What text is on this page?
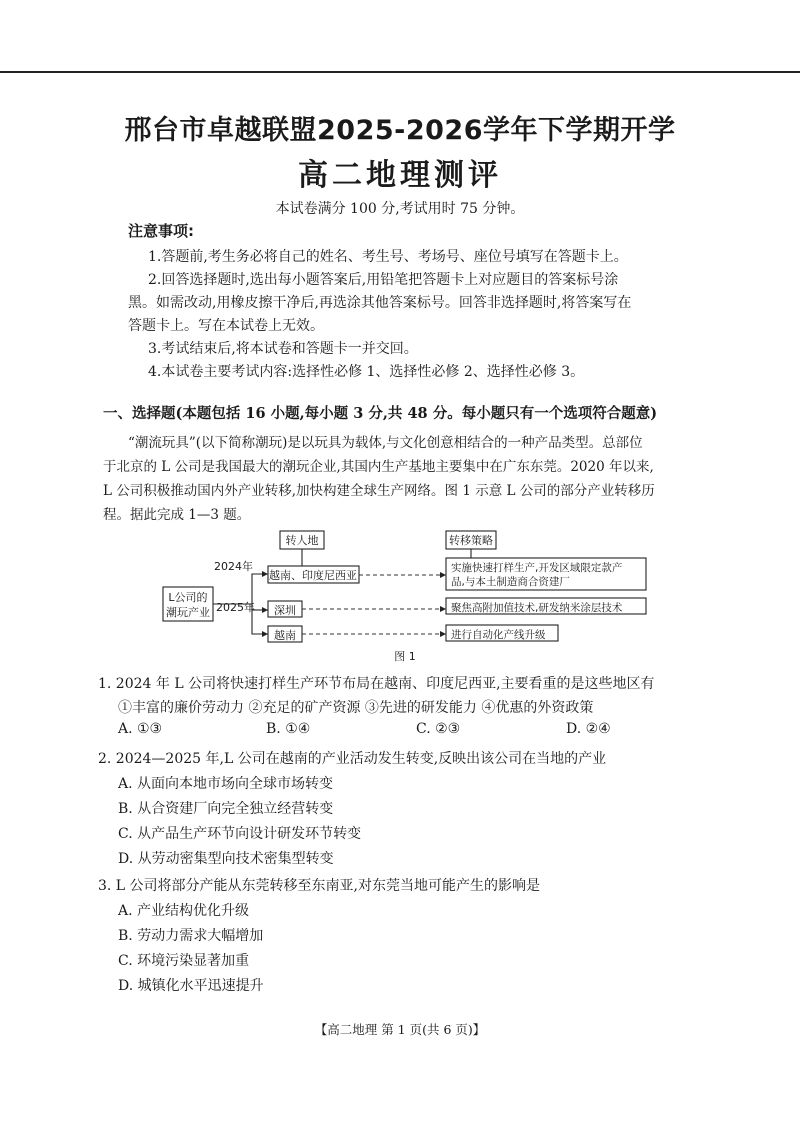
邢台市卓越联盟2025-2026学年下学期开学
高二地理测评
本试卷满分 100 分,考试用时 75 分钟。
注意事项:
1.答题前,考生务必将自己的姓名、考生号、考场号、座位号填写在答题卡上。
2.回答选择题时,选出每小题答案后,用铅笔把答题卡上对应题目的答案标号涂
黑。如需改动,用橡皮擦干净后,再选涂其他答案标号。回答非选择题时,将答案写在
答题卡上。写在本试卷上无效。
3.考试结束后,将本试卷和答题卡一并交回。
4.本试卷主要考试内容:选择性必修 1、选择性必修 2、选择性必修 3。
一、选择题(本题包括 16 小题,每小题 3 分,共 48 分。每小题只有一个选项符合题意)
“潮流玩具”(以下简称潮玩)是以玩具为载体,与文化创意相结合的一种产品类型。总部位
于北京的 L 公司是我国最大的潮玩企业,其国内生产基地主要集中在广东东莞。2020 年以来,
L 公司积极推动国内外产业转移,加快构建全球生产网络。图 1 示意 L 公司的部分产业转移历
程。据此完成 1—3 题。
转人地	转移策略
L公司的
潮玩产业
2024年
2025年
越南、印度尼西亚
深圳
越南
实施快速打样生产,开发区域限定款产
品,与本土制造商合资建厂
聚焦高附加值技术,研发纳米涂层技术
进行自动化产线升级
图 1
1. 2024 年 L 公司将快速打样生产环节布局在越南、印度尼西亚,主要看重的是这些地区有
①丰富的廉价劳动力 ②充足的矿产资源 ③先进的研发能力 ④优惠的外资政策
A. ①③	B. ①④	C. ②③	D. ②④
2. 2024—2025 年,L 公司在越南的产业活动发生转变,反映出该公司在当地的产业
A. 从面向本地市场向全球市场转变
B. 从合资建厂向完全独立经营转变
C. 从产品生产环节向设计研发环节转变
D. 从劳动密集型向技术密集型转变
3. L 公司将部分产能从东莞转移至东南亚,对东莞当地可能产生的影响是
A. 产业结构优化升级
B. 劳动力需求大幅增加
C. 环境污染显著加重
D. 城镇化水平迅速提升
【高二地理 第 1 页(共 6 页)】
